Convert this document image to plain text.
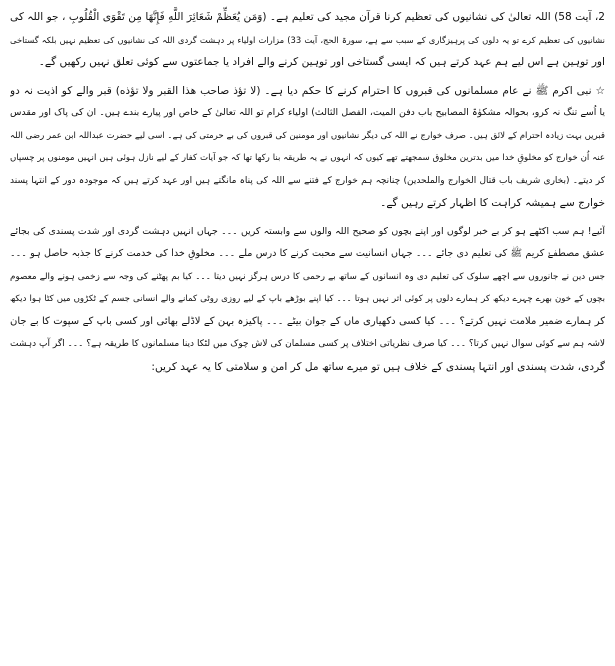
2، آیت 58) اللہ تعالیٰ کی نشانیوں کی تعظیم کرنا قرآن مجید کی تعلیم ہے۔ (وَمَن يُعَظِّمْ شَعَائِرَ اللَّهِ فَإِنَّهَا مِن تَقْوَى الْقُلُوبِ ، جو اللہ کی
نشانیوں کی تعظیم کرے تو یہ دلوں کی پرہیزگاری کے سبب سے ہے، سورۃ الحج، آیت 33) مزارات اولیاء پر دہشت گردی اللہ کی نشانیوں کی تعظیم نہیں بلکہ گستاخی
اور توہین ہے اس لیے ہم عہد کرتے ہیں کہ ایسی گستاخی اور توہین کرنے والے افراد یا جماعتوں سے کوئی تعلق نہیں رکھیں گے۔
☆ نبی اکرم ﷺ نے عام مسلمانوں کی قبروں کا احترام کرنے کا حکم دیا ہے۔ (لا تؤذ صاحب هذا القبر ولا تؤذه) قبر والے کو اذیت نہ دو
یا اُسے تنگ نہ کرو، بحوالہ مشکوٰۃ المصابیح باب دفن المیت، الفصل الثالث) اولیاء کرام تو اللہ تعالیٰ کے خاص اور پیارے بندے ہیں۔ ان کی پاک اور مقدس
قبریں بہت زیادہ احترام کے لائق ہیں۔ صرف خوارج نے اللہ کی دیگر نشانیوں اور مومنین کی قبروں کی بے حرمتی کی ہے۔ اسی لیے حضرت عبداللہ ابن عمر رضی اللہ
عنہ اُن خوارج کو مخلوقِ خدا میں بدترین مخلوق سمجھتے تھے کیوں کہ انہوں نے یہ طریقہ بنا رکھا تھا کہ جو آیات کفار کے لیے نازل ہوئی ہیں انہیں مومنوں پر چسپاں
کر دیتے۔ (بخاری شریف باب قتال الخوارج والملحدین) چنانچہ ہم خوارج کے فتنے سے اللہ کی پناہ مانگتے ہیں اور عہد کرتے ہیں کہ موجودہ دور کے انتہا پسند
خوارج سے ہمیشہ کراہت کا اظہار کرتے رہیں گے۔
آئیے! ہم سب اکٹھے ہو کر بے خبر لوگوں اور اپنے بچوں کو صحیح اللہ والوں سے وابستہ کریں ۔۔۔ جہاں انہیں دہشت گردی اور شدت پسندی کی بجائے
عشق مصطفےٰ کریم ﷺ کی تعلیم دی جائے ۔۔۔ جہاں انسانیت سے محبت کرنے کا درس ملے ۔۔۔ مخلوقِ خدا کی خدمت کرنے کا جذبہ حاصل ہو ۔۔۔
جس دین نے جانوروں سے اچھے سلوک کی تعلیم دی وہ انسانوں کے ساتھ بے رحمی کا درس ہرگز نہیں دیتا ۔۔۔ کیا بم پھٹنے کی وجہ سے زخمی ہونے والے معصوم
بچوں کے خون بھرے چہرے دیکھ کر ہمارے دلوں پر کوئی اثر نہیں ہوتا ۔۔۔ کیا اپنے بوڑھے باپ کے لیے روزی روٹی کمانے والے انسانی جسم کے ٹکڑوں میں کٹا ہوا دیکھ
کر ہمارے ضمیر ملامت نہیں کرتے؟ ۔۔۔ کیا کسی دکھیاری ماں کے جوان بیٹے ۔۔۔ پاکیزہ بہن کے لاڈلے بھائی اور کسی باپ کے سپوت کا بے جان
لاشہ ہم سے کوئی سوال نہیں کرتا؟ ۔۔۔ کیا صرف نظریاتی اختلاف پر کسی مسلمان کی لاش چوک میں لٹکا دینا مسلمانوں کا طریقہ ہے؟ ۔۔۔ اگر آپ دہشت
گردی، شدت پسندی اور انتہا پسندی کے خلاف ہیں تو میرے ساتھ مل کر امن و سلامتی کا یہ عہد کریں:
